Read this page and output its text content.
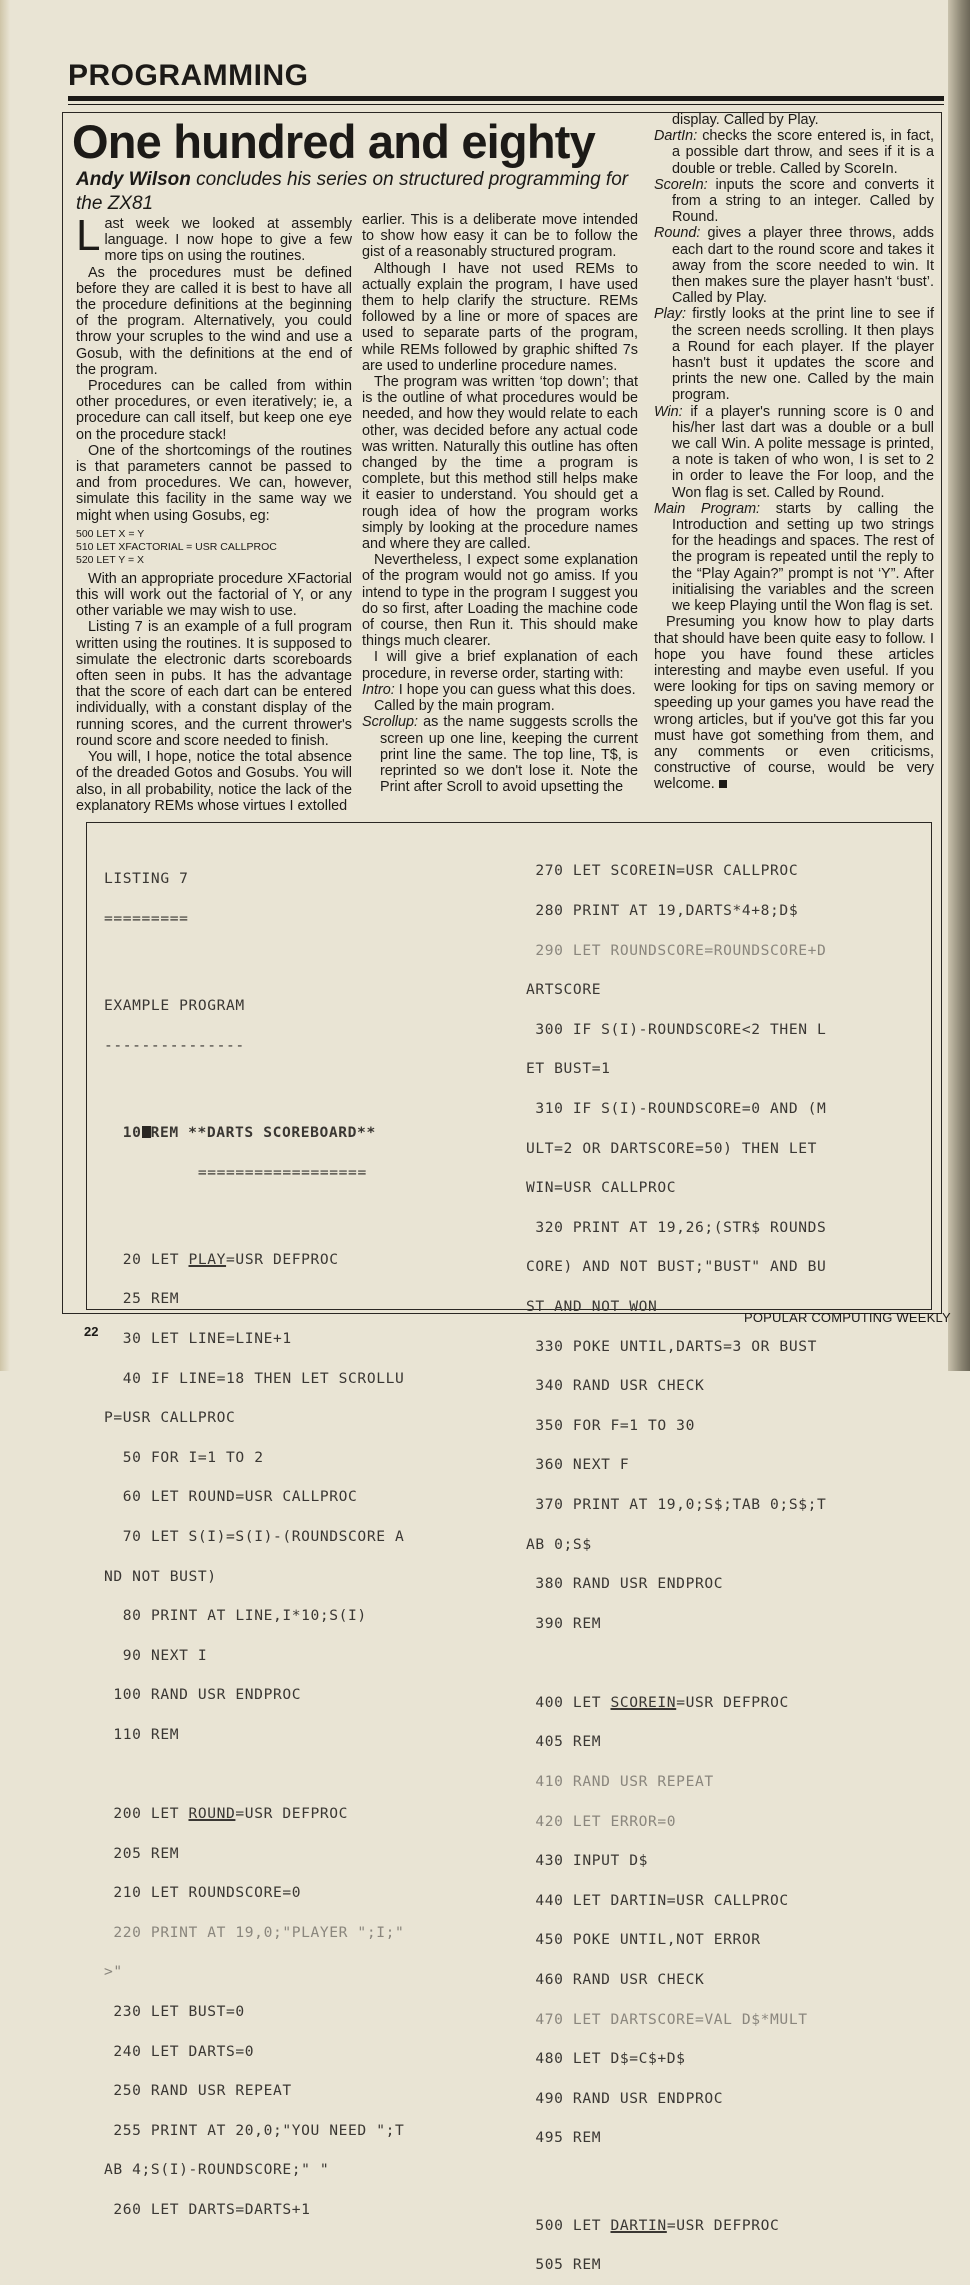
PROGRAMMING
One hundred and eighty
Andy Wilson concludes his series on structured programming for the ZX81

Last week we looked at assembly language. I now hope to give a few more tips on using the routines.

As the procedures must be defined before they are called it is best to have all the procedure definitions at the beginning of the program. Alternatively, you could throw your scruples to the wind and use a Gosub, with the definitions at the end of the program.

Procedures can be called from within other procedures, or even iteratively; ie, a procedure can call itself, but keep one eye on the procedure stack!

One of the shortcomings of the routines is that parameters cannot be passed to and from procedures. We can, however, simulate this facility in the same way we might when using Gosubs, eg:

500 LET X = Y
510 LET XFACTORIAL = USR CALLPROC
520 LET Y = X

With an appropriate procedure XFactorial this will work out the factorial of Y, or any other variable we may wish to use.

Listing 7 is an example of a full program written using the routines. It is supposed to simulate the electronic darts scoreboards often seen in pubs. It has the advantage that the score of each dart can be entered individually, with a constant display of the running scores, and the current thrower's round score and score needed to finish.

You will, I hope, notice the total absence of the dreaded Gotos and Gosubs. You will also, in all probability, notice the lack of the explanatory REMs whose virtues I extolled

earlier. This is a deliberate move intended to show how easy it can be to follow the gist of a reasonably structured program.

Although I have not used REMs to actually explain the program, I have used them to help clarify the structure. REMs followed by a line or more of spaces are used to separate parts of the program, while REMs followed by graphic shifted 7s are used to underline procedure names.

The program was written ‘top down’; that is the outline of what procedures would be needed, and how they would relate to each other, was decided before any actual code was written. Naturally this outline has often changed by the time a program is complete, but this method still helps make it easier to understand. You should get a rough idea of how the program works simply by looking at the procedure names and where they are called.

Nevertheless, I expect some explanation of the program would not go amiss. If you intend to type in the program I suggest you do so first, after Loading the machine code of course, then Run it. This should make things much clearer.

I will give a brief explanation of each procedure, in reverse order, starting with:

Intro: I hope you can guess what this does.

Called by the main program.

Scrollup: as the name suggests scrolls the screen up one line, keeping the current print line the same. The top line, T$, is reprinted so we don't lose it. Note the Print after Scroll to avoid upsetting the

display. Called by Play.

DartIn: checks the score entered is, in fact, a possible dart throw, and sees if it is a double or treble. Called by ScoreIn.

ScoreIn: inputs the score and converts it from a string to an integer. Called by Round.

Round: gives a player three throws, adds each dart to the round score and takes it away from the score needed to win. It then makes sure the player hasn't ‘bust’. Called by Play.

Play: firstly looks at the print line to see if the screen needs scrolling. It then plays a Round for each player. If the player hasn't bust it updates the score and prints the new one. Called by the main program.

Win: if a player's running score is 0 and his/her last dart was a double or a bull we call Win. A polite message is printed, a note is taken of who won, I is set to 2 in order to leave the For loop, and the Won flag is set. Called by Round.

Main Program: starts by calling the Introduction and setting up two strings for the headings and spaces. The rest of the program is repeated until the reply to the “Play Again?” prompt is not ‘Y”. After initialising the variables and the screen we keep Playing until the Won flag is set.

Presuming you know how to play darts that should have been quite easy to follow. I hope you have found these articles interesting and maybe even useful. If you were looking for tips on saving memory or speeding up your games you have read the wrong articles, but if you've got this far you must have got something from them, and any comments or even criticisms, constructive of course, would be very welcome.

LISTING 7

=========

EXAMPLE PROGRAM

---------------

10 REM **DARTS SCOREBOARD**

==================

20 LET PLAY=USR DEFPROC

25 REM

30 LET LINE=LINE+1

40 IF LINE=18 THEN LET SCROLLU

P=USR CALLPROC

50 FOR I=1 TO 2

60 LET ROUND=USR CALLPROC

70 LET S(I)=S(I)-(ROUNDSCORE A

ND NOT BUST)

80 PRINT AT LINE,I*10;S(I)

90 NEXT I

100 RAND USR ENDPROC

110 REM

200 LET ROUND=USR DEFPROC

205 REM

210 LET ROUNDSCORE=0

220 PRINT AT 19,0;"PLAYER ";I;"

>"

230 LET BUST=0

240 LET DARTS=0

250 RAND USR REPEAT

255 PRINT AT 20,0;"YOU NEED ";T

AB 4;S(I)-ROUNDSCORE;" "

260 LET DARTS=DARTS+1

270 LET SCOREIN=USR CALLPROC

280 PRINT AT 19,DARTS*4+8;D$

290 LET ROUNDSCORE=ROUNDSCORE+D

ARTSCORE

300 IF S(I)-ROUNDSCORE<2 THEN L

ET BUST=1

310 IF S(I)-ROUNDSCORE=0 AND (M

ULT=2 OR DARTSCORE=50) THEN LET

WIN=USR CALLPROC

320 PRINT AT 19,26;(STR$ ROUNDS

CORE) AND NOT BUST;"BUST" AND BU

ST AND NOT WON

330 POKE UNTIL,DARTS=3 OR BUST

340 RAND USR CHECK

350 FOR F=1 TO 30

360 NEXT F

370 PRINT AT 19,0;S$;TAB 0;S$;T

AB 0;S$

380 RAND USR ENDPROC

390 REM

400 LET SCOREIN=USR DEFPROC

405 REM

410 RAND USR REPEAT

420 LET ERROR=0

430 INPUT D$

440 LET DARTIN=USR CALLPROC

450 POKE UNTIL,NOT ERROR

460 RAND USR CHECK

470 LET DARTSCORE=VAL D$*MULT

480 LET D$=C$+D$

490 RAND USR ENDPROC

495 REM

500 LET DARTIN=USR DEFPROC

505 REM

22
POPULAR COMPUTING WEEKLY
